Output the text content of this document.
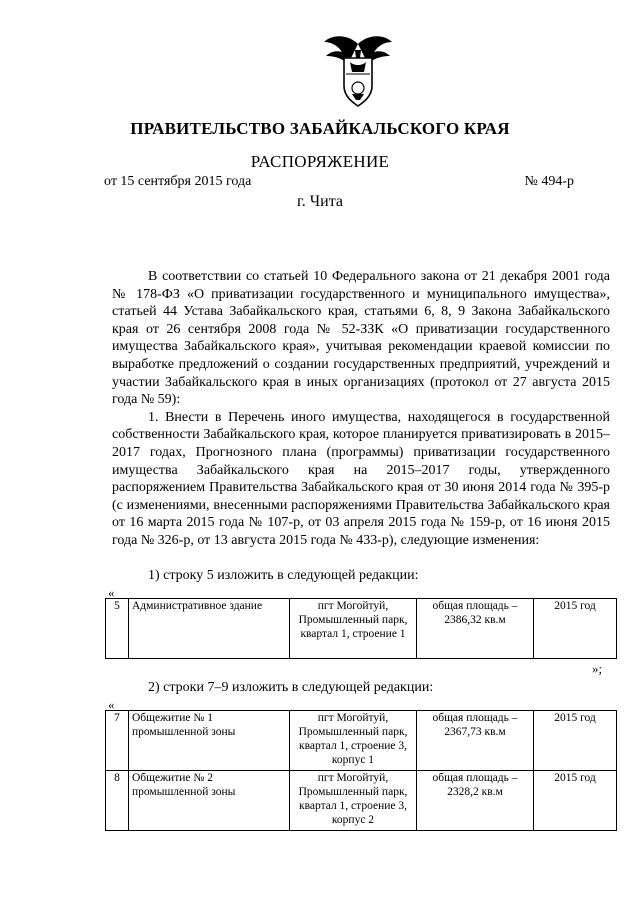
ПРАВИТЕЛЬСТВО ЗАБАЙКАЛЬСКОГО КРАЯ
РАСПОРЯЖЕНИЕ
от 15 сентября 2015 года	№ 494-р
г. Чита

В соответствии со статьей 10 Федерального закона от 21 декабря 2001 года № 178-ФЗ «О приватизации государственного и муниципального имущества», статьей 44 Устава Забайкальского края, статьями 6, 8, 9 Закона Забайкальского края от 26 сентября 2008 года № 52-ЗЗК «О приватизации государственного имущества Забайкальского края», учитывая рекомендации краевой комиссии по выработке предложений о создании государственных предприятий, учреждений и участии Забайкальского края в иных организациях (протокол от 27 августа 2015 года № 59):

1. Внести в Перечень иного имущества, находящегося в государственной собственности Забайкальского края, которое планируется приватизировать в 2015–2017 годах, Прогнозного плана (программы) приватизации государственного имущества Забайкальского края на 2015–2017 годы, утвержденного распоряжением Правительства Забайкальского края от 30 июня 2014 года № 395-р (с изменениями, внесенными распоряжениями Правительства Забайкальского края от 16 марта 2015 года № 107-р, от 03 апреля 2015 года № 159-р, от 16 июня 2015 года № 326-р, от 13 августа 2015 года № 433-р), следующие изменения:

1) строку 5 изложить в следующей редакции:
«
5	Административное здание	пгт Могойтуй, Промышленный парк, квартал 1, строение 1	общая площадь – 2386,32 кв.м	2015 год
»;
2) строки 7–9 изложить в следующей редакции:
«
7	Общежитие № 1 промышленной зоны	пгт Могойтуй, Промышленный парк, квартал 1, строение 3, корпус 1	общая площадь – 2367,73 кв.м	2015 год
8	Общежитие № 2 промышленной зоны	пгт Могойтуй, Промышленный парк, квартал 1, строение 3, корпус 2	общая площадь – 2328,2 кв.м	2015 год
